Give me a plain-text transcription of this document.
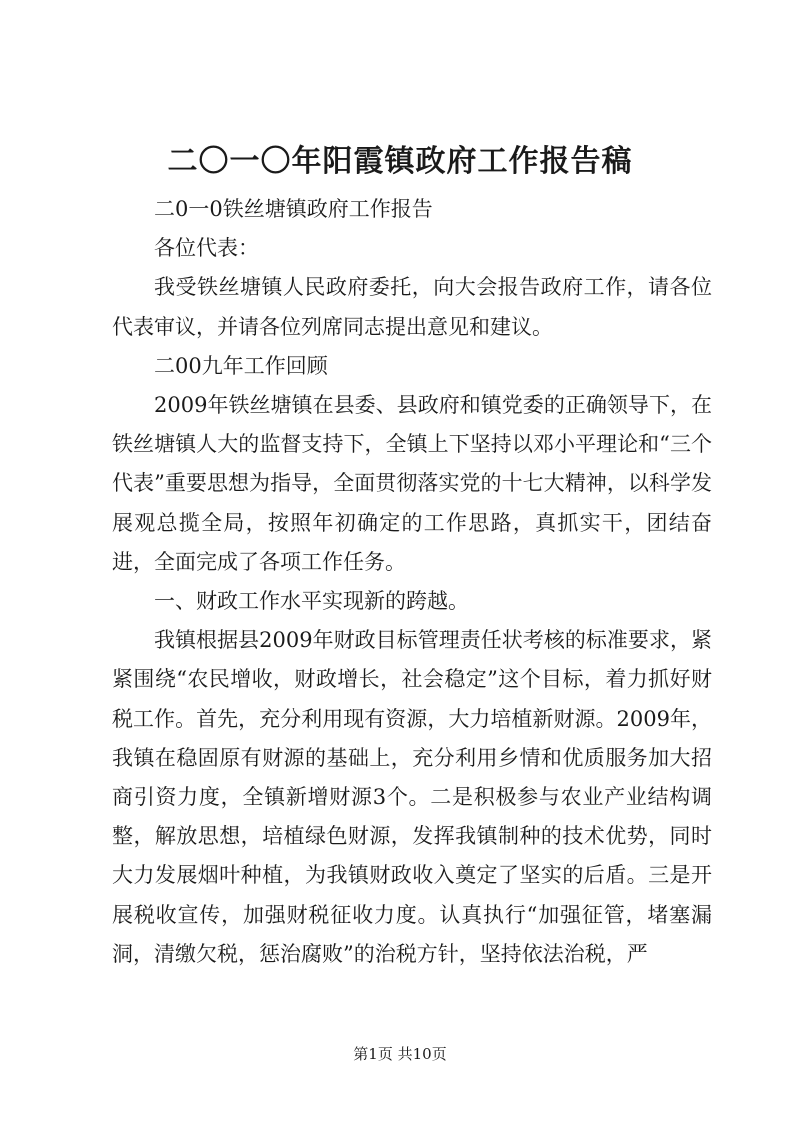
二〇一〇年阳霞镇政府工作报告稿

二0一0铁丝塘镇政府工作报告

各位代表：

我受铁丝塘镇人民政府委托，向大会报告政府工作，请各位代表审议，并请各位列席同志提出意见和建议。

二00九年工作回顾

2009年铁丝塘镇在县委、县政府和镇党委的正确领导下，在铁丝塘镇人大的监督支持下，全镇上下坚持以邓小平理论和“三个代表”重要思想为指导，全面贯彻落实党的十七大精神，以科学发展观总揽全局，按照年初确定的工作思路，真抓实干，团结奋进，全面完成了各项工作任务。

一、财政工作水平实现新的跨越。

我镇根据县2009年财政目标管理责任状考核的标准要求，紧紧围绕“农民增收，财政增长，社会稳定”这个目标，着力抓好财税工作。首先，充分利用现有资源，大力培植新财源。2009年，我镇在稳固原有财源的基础上，充分利用乡情和优质服务加大招商引资力度，全镇新增财源3个。二是积极参与农业产业结构调整，解放思想，培植绿色财源，发挥我镇制种的技术优势，同时大力发展烟叶种植，为我镇财政收入奠定了坚实的后盾。三是开展税收宣传，加强财税征收力度。认真执行“加强征管，堵塞漏洞，清缴欠税，惩治腐败”的治税方针，坚持依法治税，严

第1页 共10页
